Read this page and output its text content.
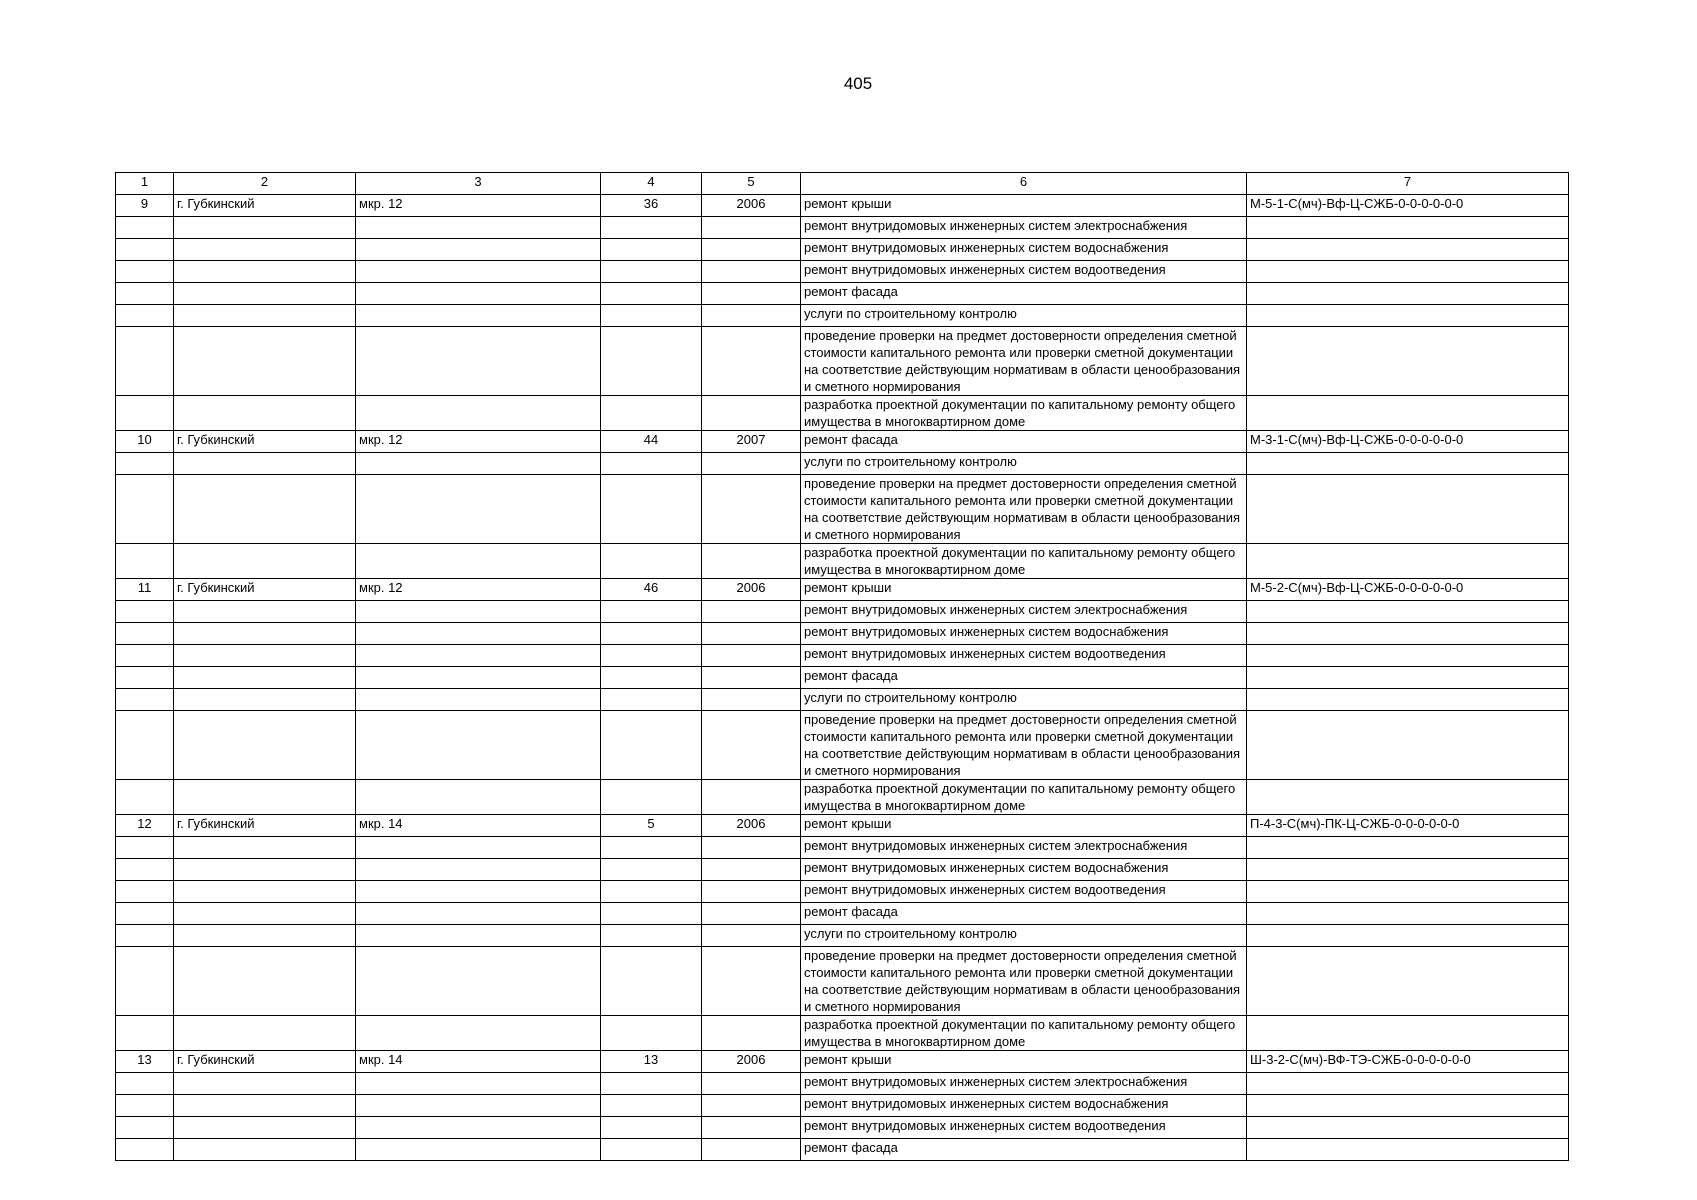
405
1	2	3	4	5	6	7
9	г. Губкинский	мкр. 12	36	2006	ремонт крыши	М-5-1-С(мч)-Вф-Ц-СЖБ-0-0-0-0-0-0
					ремонт внутридомовых инженерных систем электроснабжения	
					ремонт внутридомовых инженерных систем водоснабжения	
					ремонт внутридомовых инженерных систем водоотведения	
					ремонт фасада	
					услуги по строительному контролю	
					проведение проверки на предмет достоверности определения сметной стоимости капитального ремонта или проверки сметной документации на соответствие действующим нормативам в области ценообразования и сметного нормирования	
					разработка проектной документации по капитальному ремонту общего имущества в многоквартирном доме	
10	г. Губкинский	мкр. 12	44	2007	ремонт фасада	М-3-1-С(мч)-Вф-Ц-СЖБ-0-0-0-0-0-0
					услуги по строительному контролю	
					проведение проверки на предмет достоверности определения сметной стоимости капитального ремонта или проверки сметной документации на соответствие действующим нормативам в области ценообразования и сметного нормирования	
					разработка проектной документации по капитальному ремонту общего имущества в многоквартирном доме	
11	г. Губкинский	мкр. 12	46	2006	ремонт крыши	М-5-2-С(мч)-Вф-Ц-СЖБ-0-0-0-0-0-0
					ремонт внутридомовых инженерных систем электроснабжения	
					ремонт внутридомовых инженерных систем водоснабжения	
					ремонт внутридомовых инженерных систем водоотведения	
					ремонт фасада	
					услуги по строительному контролю	
					проведение проверки на предмет достоверности определения сметной стоимости капитального ремонта или проверки сметной документации на соответствие действующим нормативам в области ценообразования и сметного нормирования	
					разработка проектной документации по капитальному ремонту общего имущества в многоквартирном доме	
12	г. Губкинский	мкр. 14	5	2006	ремонт крыши	П-4-3-С(мч)-ПК-Ц-СЖБ-0-0-0-0-0-0
					ремонт внутридомовых инженерных систем электроснабжения	
					ремонт внутридомовых инженерных систем водоснабжения	
					ремонт внутридомовых инженерных систем водоотведения	
					ремонт фасада	
					услуги по строительному контролю	
					проведение проверки на предмет достоверности определения сметной стоимости капитального ремонта или проверки сметной документации на соответствие действующим нормативам в области ценообразования и сметного нормирования	
					разработка проектной документации по капитальному ремонту общего имущества в многоквартирном доме	
13	г. Губкинский	мкр. 14	13	2006	ремонт крыши	Ш-3-2-С(мч)-ВФ-ТЭ-СЖБ-0-0-0-0-0-0
					ремонт внутридомовых инженерных систем электроснабжения	
					ремонт внутридомовых инженерных систем водоснабжения	
					ремонт внутридомовых инженерных систем водоотведения	
					ремонт фасада	
